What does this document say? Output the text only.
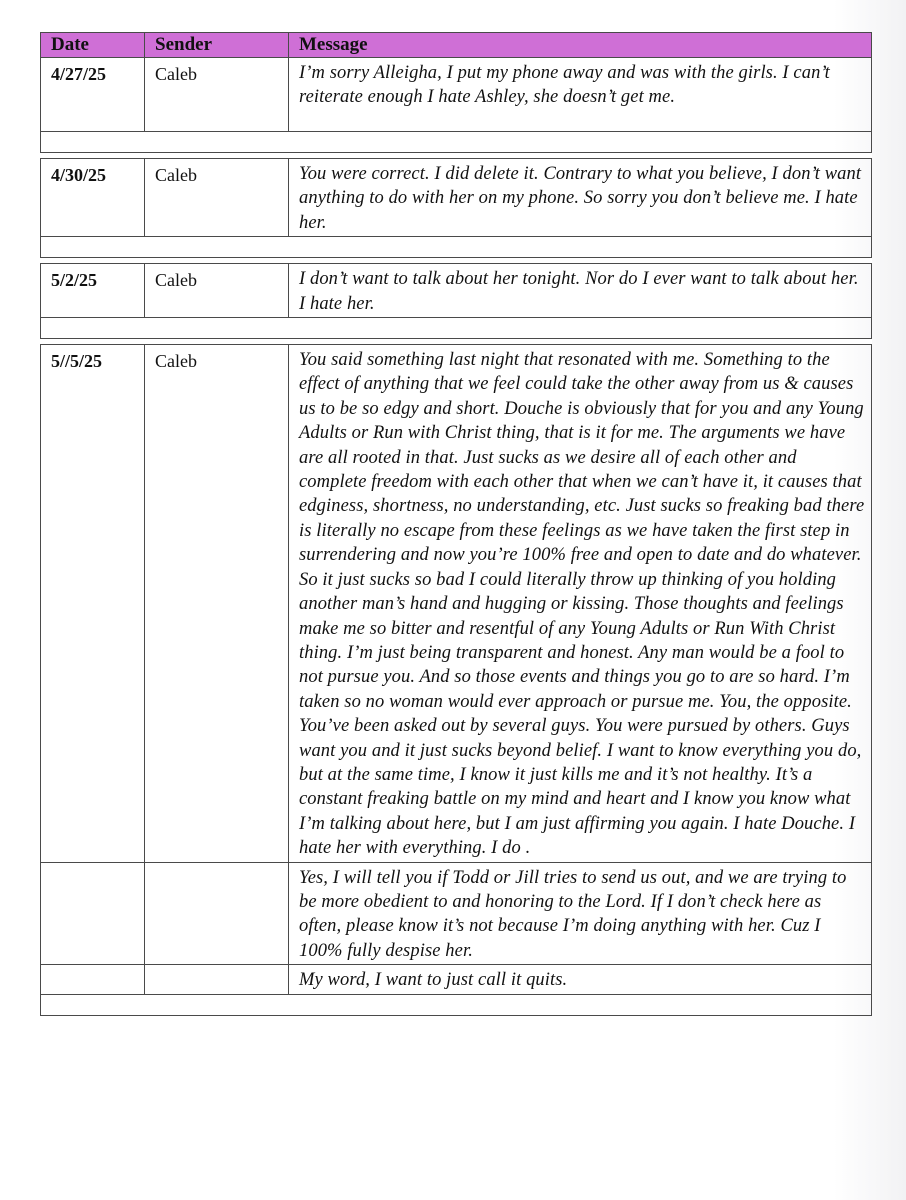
Date	Sender	Message
4/27/25	Caleb	I’m sorry Alleigha, I put my phone away and was with the girls. I can’t reiterate enough I hate Ashley, she doesn’t get me.

4/30/25	Caleb	You were correct. I did delete it. Contrary to what you believe, I don’t want anything to do with her on my phone. So sorry you don’t believe me. I hate her.

5/2/25	Caleb	I don’t want to talk about her tonight. Nor do I ever want to talk about her. I hate her.

5//5/25	Caleb	You said something last night that resonated with me. Something to the effect of anything that we feel could take the other away from us & causes us to be so edgy and short. Douche is obviously that for you and any Young Adults or Run with Christ thing, that is it for me. The arguments we have are all rooted in that. Just sucks as we desire all of each other and complete freedom with each other that when we can’t have it, it causes that edginess, shortness, no understanding, etc. Just sucks so freaking bad there is literally no escape from these feelings as we have taken the first step in surrendering and now you’re 100% free and open to date and do whatever. So it just sucks so bad I could literally throw up thinking of you holding another man’s hand and hugging or kissing. Those thoughts and feelings make me so bitter and resentful of any Young Adults or Run With Christ thing. I’m just being transparent and honest. Any man would be a fool to not pursue you. And so those events and things you go to are so hard. I’m taken so no woman would ever approach or pursue me. You, the opposite. You’ve been asked out by several guys. You were pursued by others. Guys want you and it just sucks beyond belief. I want to know everything you do, but at the same time, I know it just kills me and it’s not healthy. It’s a constant freaking battle on my mind and heart and I know you know what I’m talking about here, but I am just affirming you again. I hate Douche. I hate her with everything. I do .
		Yes, I will tell you if Todd or Jill tries to send us out, and we are trying to be more obedient to and honoring to the Lord. If I don’t check here as often, please know it’s not because I’m doing anything with her. Cuz I 100% fully despise her.
		My word, I want to just call it quits.
